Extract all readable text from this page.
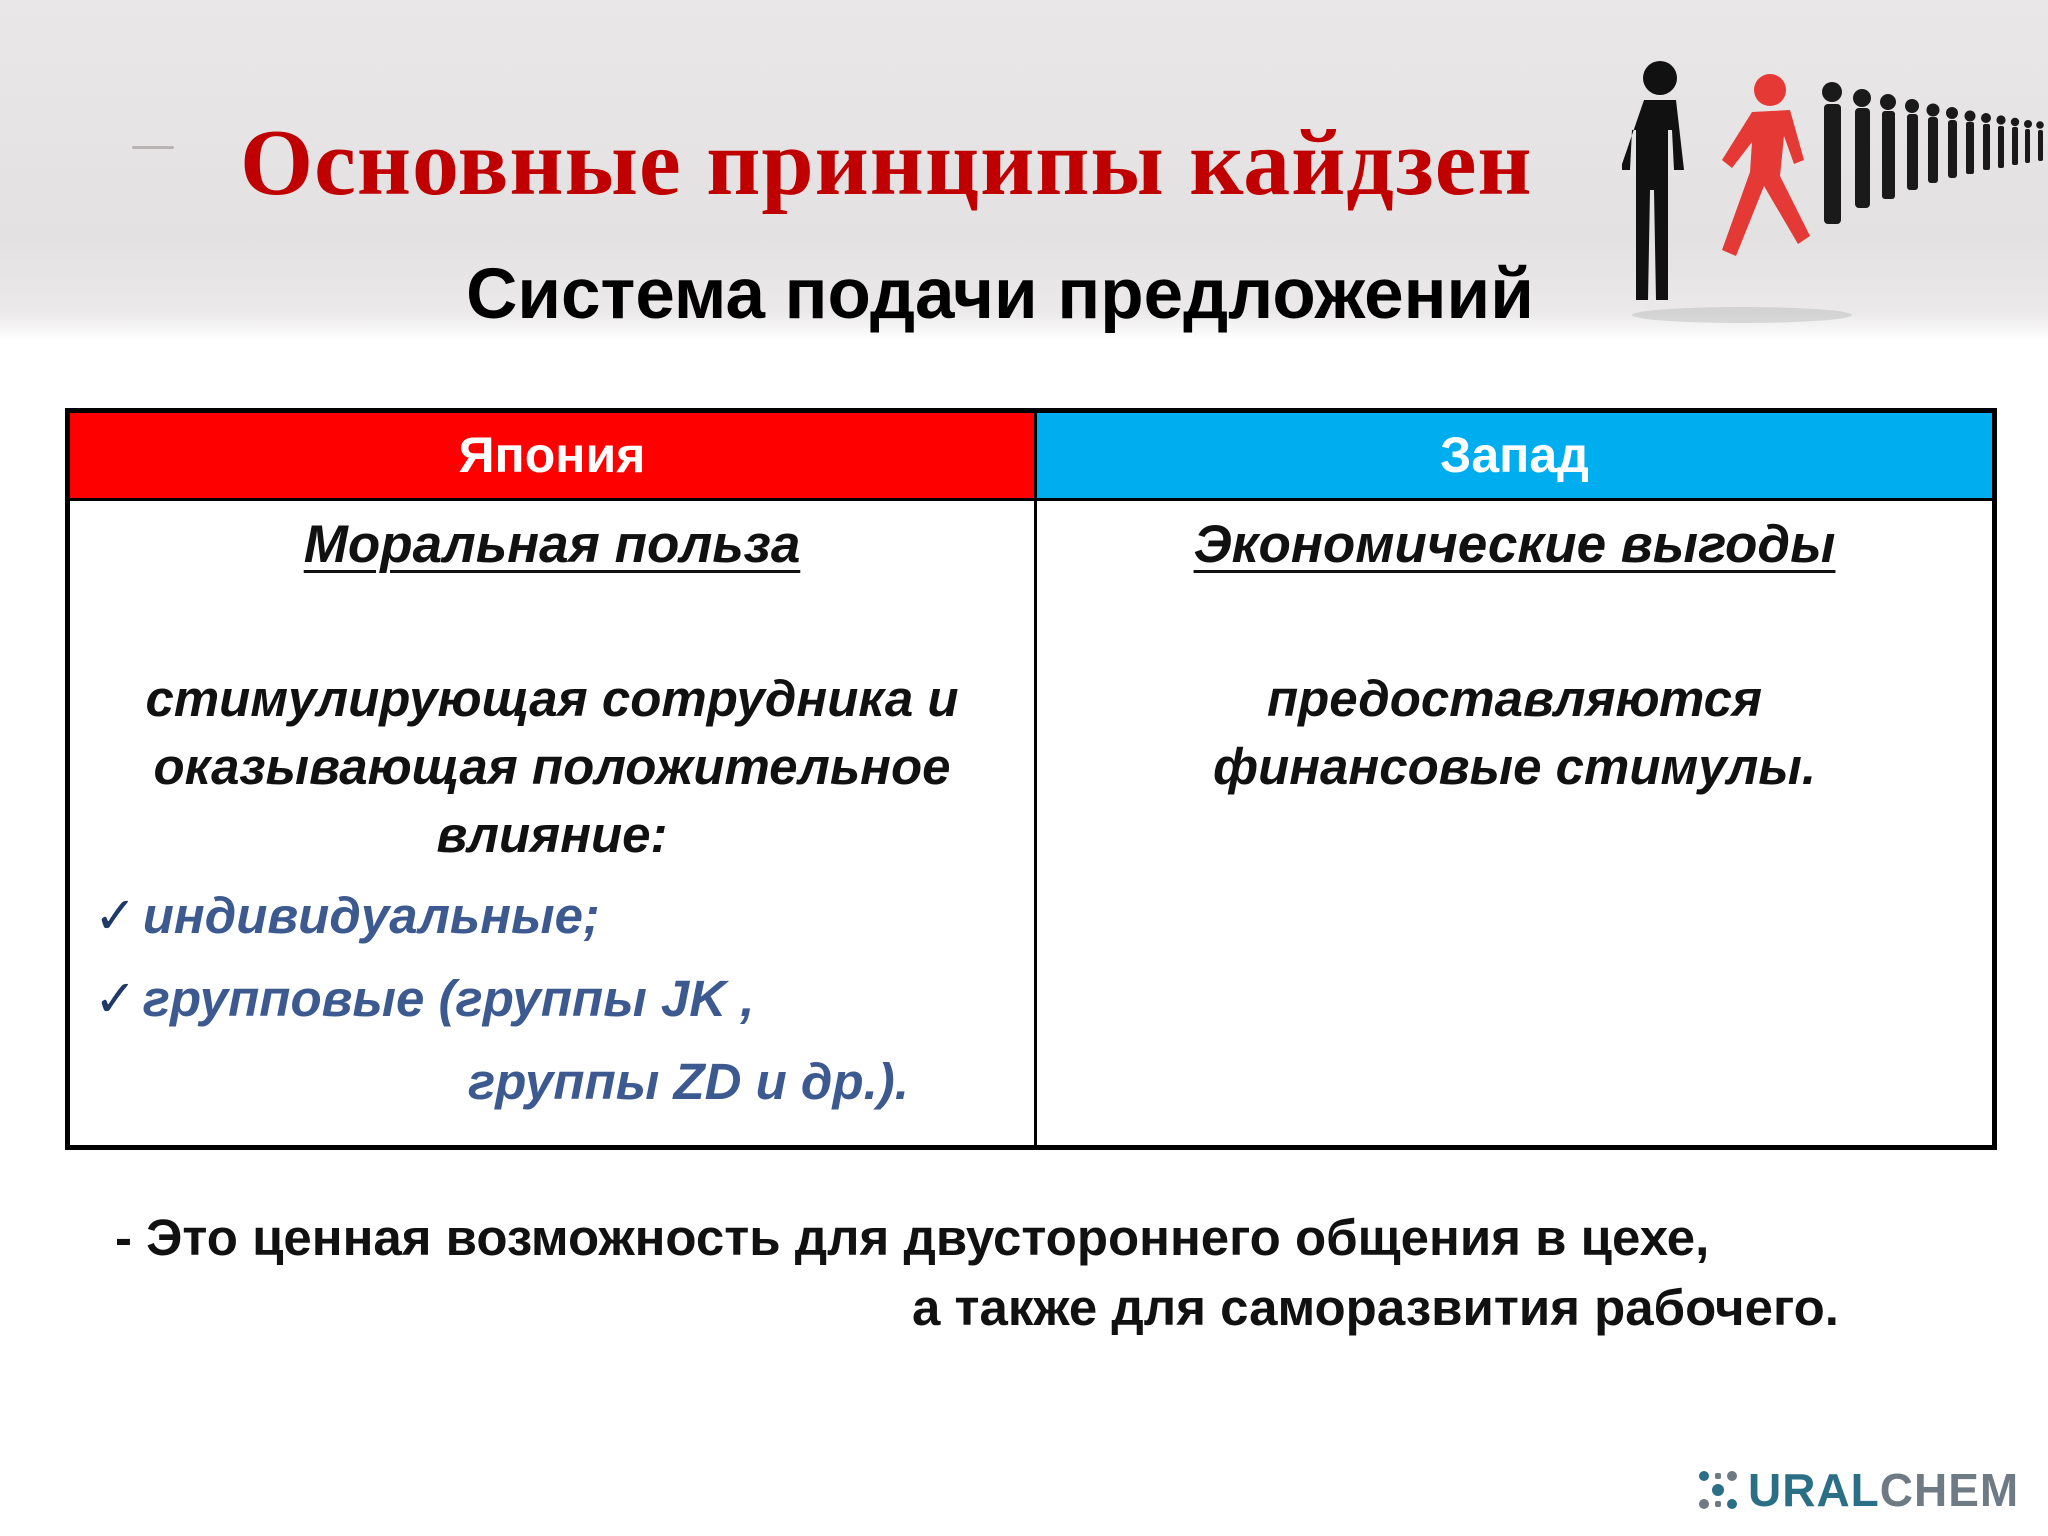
Основные принципы кайдзен
Система подачи предложений
Япония	Запад
Моральная польза
стимулирующая сотрудника и оказывающая положительное влияние:
✓ индивидуальные;
✓ групповые (группы JK ,
группы ZD и др.).
Экономические выгоды
предоставляются финансовые стимулы.
- Это ценная возможность для двустороннего общения в цехе,
а также для саморазвития рабочего.
URALCHEM
